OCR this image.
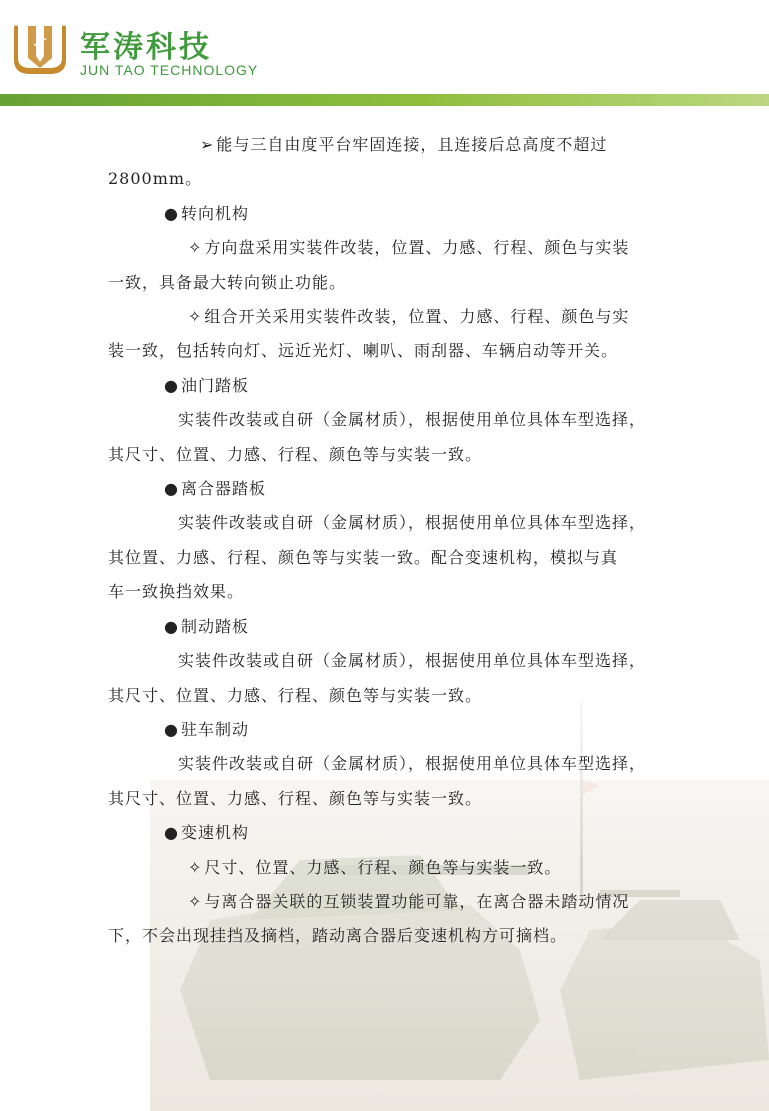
JT 军涛科技
JUN TAO TECHNOLOGY
➢ 能与三自由度平台牢固连接，且连接后总高度不超过
2800mm。
● 转向机构
✧ 方向盘采用实装件改装，位置、力感、行程、颜色与实装
一致，具备最大转向锁止功能。
✧ 组合开关采用实装件改装，位置、力感、行程、颜色与实
装一致，包括转向灯、远近光灯、喇叭、雨刮器、车辆启动等开关。
● 油门踏板
实装件改装或自研（金属材质），根据使用单位具体车型选择，
其尺寸、位置、力感、行程、颜色等与实装一致。
● 离合器踏板
实装件改装或自研（金属材质），根据使用单位具体车型选择，
其位置、力感、行程、颜色等与实装一致。配合变速机构，模拟与真
车一致换挡效果。
● 制动踏板
实装件改装或自研（金属材质），根据使用单位具体车型选择，
其尺寸、位置、力感、行程、颜色等与实装一致。
● 驻车制动
实装件改装或自研（金属材质），根据使用单位具体车型选择，
其尺寸、位置、力感、行程、颜色等与实装一致。
● 变速机构
✧ 尺寸、位置、力感、行程、颜色等与实装一致。
✧ 与离合器关联的互锁装置功能可靠，在离合器未踏动情况
下，不会出现挂挡及摘档，踏动离合器后变速机构方可摘档。
